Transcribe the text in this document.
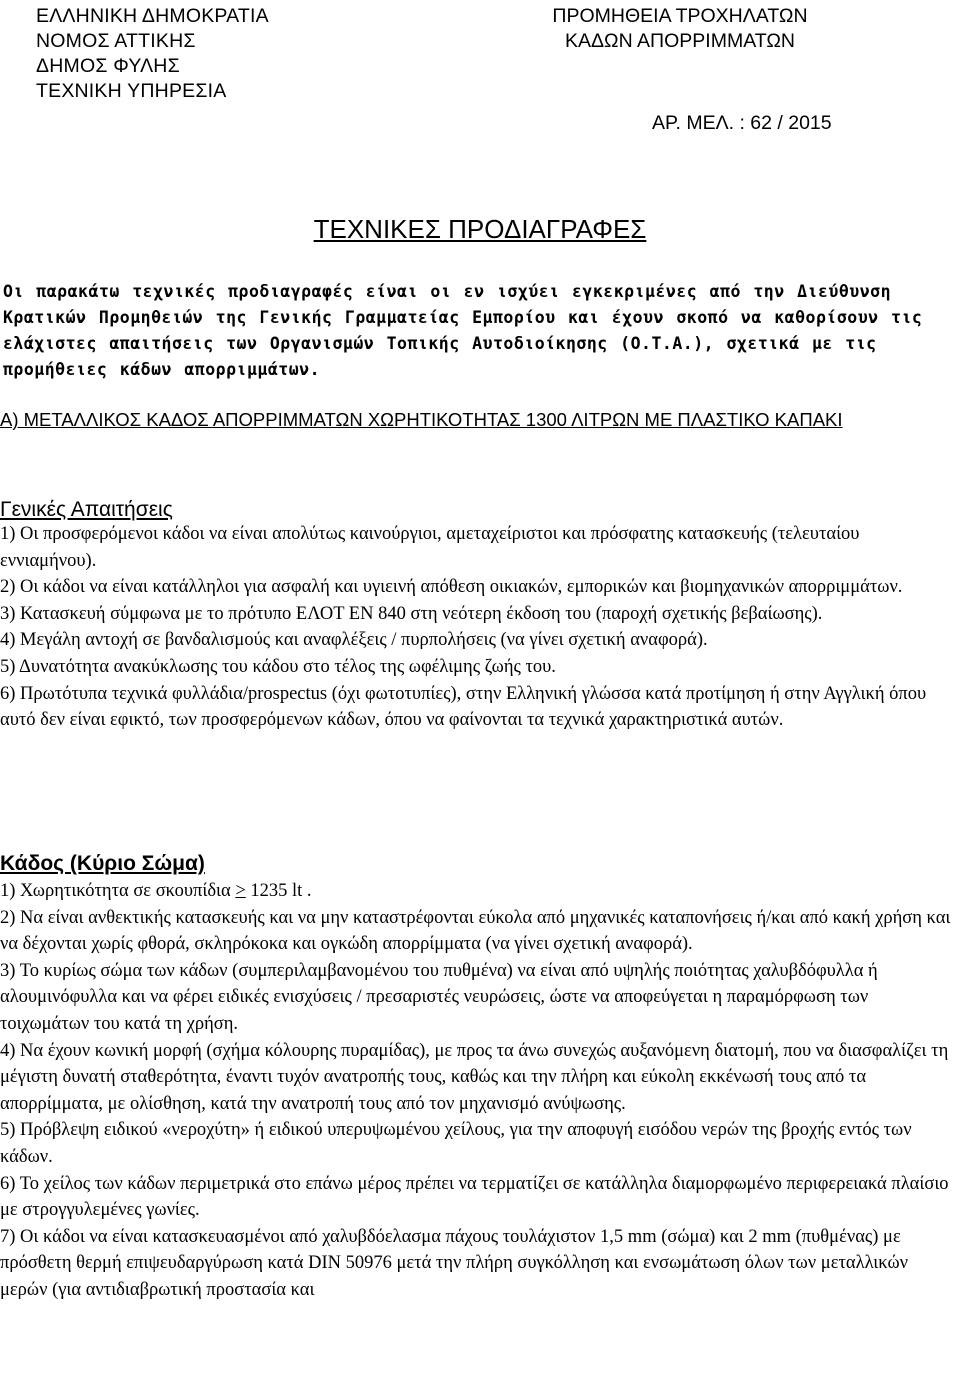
ΕΛΛΗΝΙΚΗ ΔΗΜΟΚΡΑΤΙΑ
ΝΟΜΟΣ ΑΤΤΙΚΗΣ
ΔΗΜΟΣ ΦΥΛΗΣ
ΤΕΧΝΙΚΗ ΥΠΗΡΕΣΙΑ
ΠΡΟΜΗΘΕΙΑ ΤΡΟΧΗΛΑΤΩΝ
ΚΑΔΩΝ ΑΠΟΡΡΙΜΜΑΤΩΝ
ΑΡ. ΜΕΛ. : 62 / 2015
ΤΕΧΝΙΚΕΣ ΠΡΟΔΙΑΓΡΑΦΕΣ
Οι παρακάτω τεχνικές προδιαγραφές είναι οι εν ισχύει εγκεκριμένες από την Διεύθυνση Κρατικών Προμηθειών της Γενικής Γραμματείας Εμπορίου και έχουν σκοπό να καθορίσουν τις ελάχιστες απαιτήσεις των Οργανισμών Τοπικής Αυτοδιοίκησης (Ο.Τ.Α.), σχετικά με τις προμήθειες κάδων απορριμμάτων.
Α) ΜΕΤΑΛΛΙΚΟΣ ΚΑΔΟΣ ΑΠΟΡΡΙΜΜΑΤΩΝ ΧΩΡΗΤΙΚΟΤΗΤΑΣ 1300 ΛΙΤΡΩΝ ΜΕ ΠΛΑΣΤΙΚΟ ΚΑΠΑΚΙ
Γενικές Απαιτήσεις
1) Οι προσφερόμενοι κάδοι να είναι απολύτως καινούργιοι, αμεταχείριστοι και πρόσφατης κατασκευής (τελευταίου εννιαμήνου).
2) Οι κάδοι να είναι κατάλληλοι για ασφαλή και υγιεινή απόθεση οικιακών, εμπορικών και βιομηχανικών απορριμμάτων.
3) Κατασκευή σύμφωνα με το πρότυπο ΕΛΟΤ ΕΝ 840 στη νεότερη έκδοση του (παροχή σχετικής βεβαίωσης).
4) Μεγάλη αντοχή σε βανδαλισμούς και αναφλέξεις / πυρπολήσεις (να γίνει σχετική αναφορά).
5) Δυνατότητα ανακύκλωσης του κάδου στο τέλος της ωφέλιμης ζωής του.
6) Πρωτότυπα τεχνικά φυλλάδια/prospectus (όχι φωτοτυπίες), στην Ελληνική γλώσσα κατά προτίμηση ή στην Αγγλική όπου αυτό δεν είναι εφικτό, των προσφερόμενων κάδων, όπου να φαίνονται τα τεχνικά χαρακτηριστικά αυτών.
Κάδος (Κύριο Σώμα)
1) Χωρητικότητα σε σκουπίδια ≥ 1235 lt .
2) Να είναι ανθεκτικής κατασκευής και να μην καταστρέφονται εύκολα από μηχανικές καταπονήσεις ή/και από κακή χρήση και να δέχονται χωρίς φθορά, σκληρόκοκα και ογκώδη απορρίμματα (να γίνει σχετική αναφορά).
3) Το κυρίως σώμα των κάδων (συμπεριλαμβανομένου του πυθμένα) να είναι από υψηλής ποιότητας χαλυβδόφυλλα ή αλουμινόφυλλα και να φέρει ειδικές ενισχύσεις / πρεσαριστές νευρώσεις, ώστε να αποφεύγεται η παραμόρφωση των τοιχωμάτων του κατά τη χρήση.
4) Να έχουν κωνική μορφή (σχήμα κόλουρης πυραμίδας), με προς τα άνω συνεχώς αυξανόμενη διατομή, που να διασφαλίζει τη μέγιστη δυνατή σταθερότητα, έναντι τυχόν ανατροπής τους, καθώς και την πλήρη και εύκολη εκκένωσή τους από τα απορρίμματα, με ολίσθηση, κατά την ανατροπή τους από τον μηχανισμό ανύψωσης.
5) Πρόβλεψη ειδικού «νεροχύτη» ή ειδικού υπερυψωμένου χείλους, για την αποφυγή εισόδου νερών της βροχής εντός των κάδων.
6) Το χείλος των κάδων περιμετρικά στο επάνω μέρος πρέπει να τερματίζει σε κατάλληλα διαμορφωμένο περιφερειακά πλαίσιο με στρογγυλεμένες γωνίες.
7) Οι κάδοι να είναι κατασκευασμένοι από χαλυβδόελασμα πάχους τουλάχιστον 1,5 mm (σώμα) και 2 mm (πυθμένας) με πρόσθετη θερμή επιψευδαργύρωση κατά DIN 50976 μετά την πλήρη συγκόλληση και ενσωμάτωση όλων των μεταλλικών μερών (για αντιδιαβρωτική προστασία και
